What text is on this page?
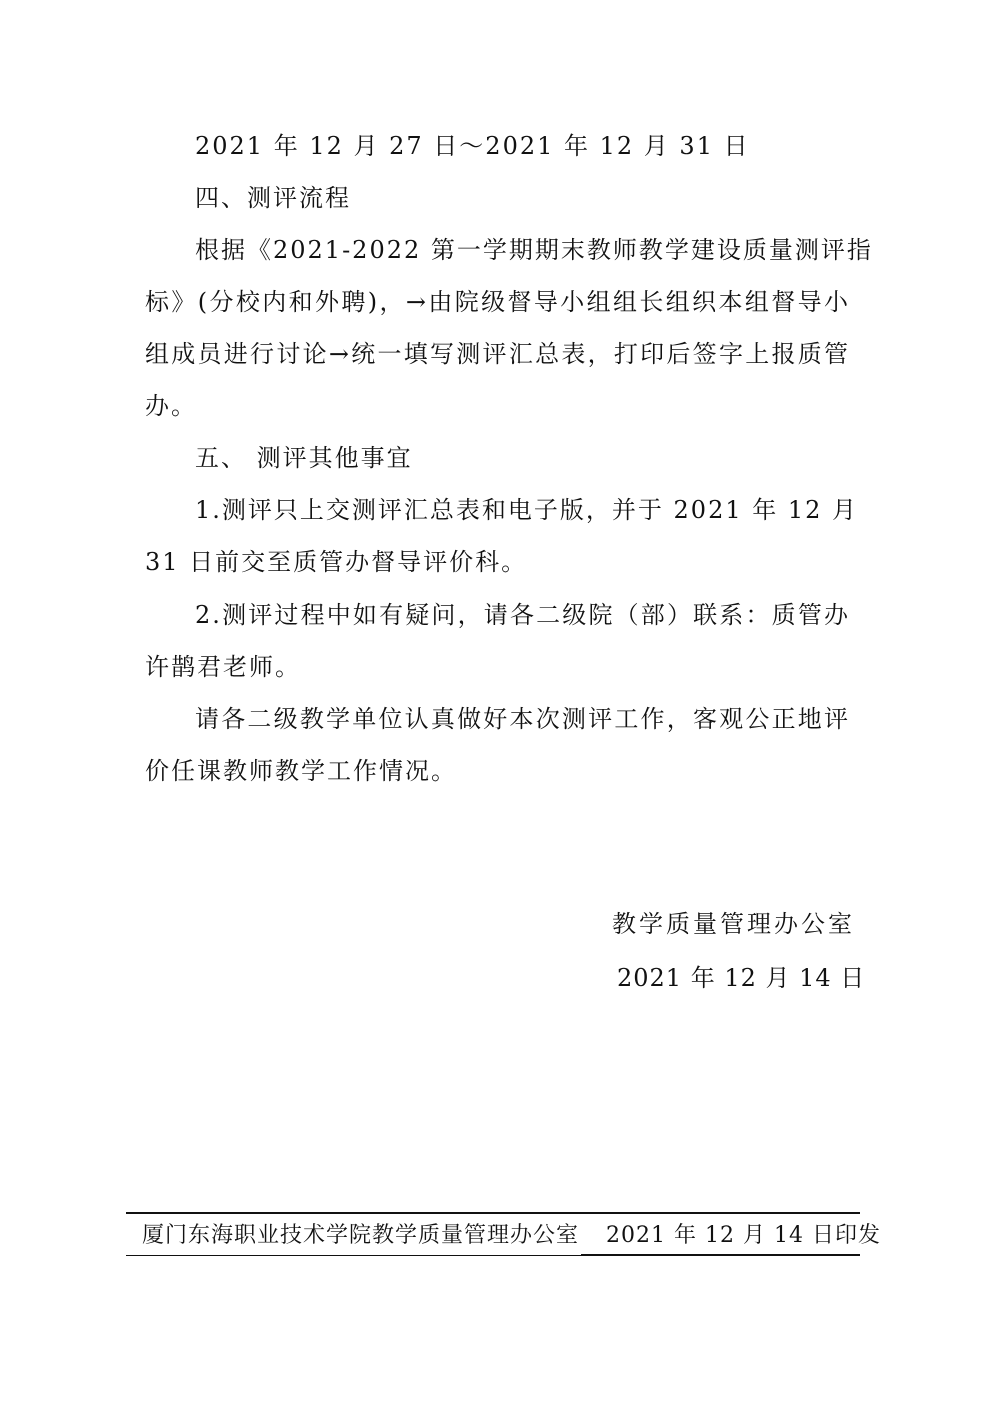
2021 年 12 月 27 日～2021 年 12 月 31 日
四、测评流程
根据《2021-2022 第一学期期末教师教学建设质量测评指
标》(分校内和外聘)，→由院级督导小组组长组织本组督导小
组成员进行讨论→统一填写测评汇总表，打印后签字上报质管
办。
五、 测评其他事宜
1.测评只上交测评汇总表和电子版，并于 2021 年 12 月
31 日前交至质管办督导评价科。
2.测评过程中如有疑问，请各二级院（部）联系：质管办
许鹊君老师。
请各二级教学单位认真做好本次测评工作，客观公正地评
价任课教师教学工作情况。
教学质量管理办公室
2021 年 12 月 14 日
厦门东海职业技术学院教学质量管理办公室 2021 年 12 月 14 日印发
